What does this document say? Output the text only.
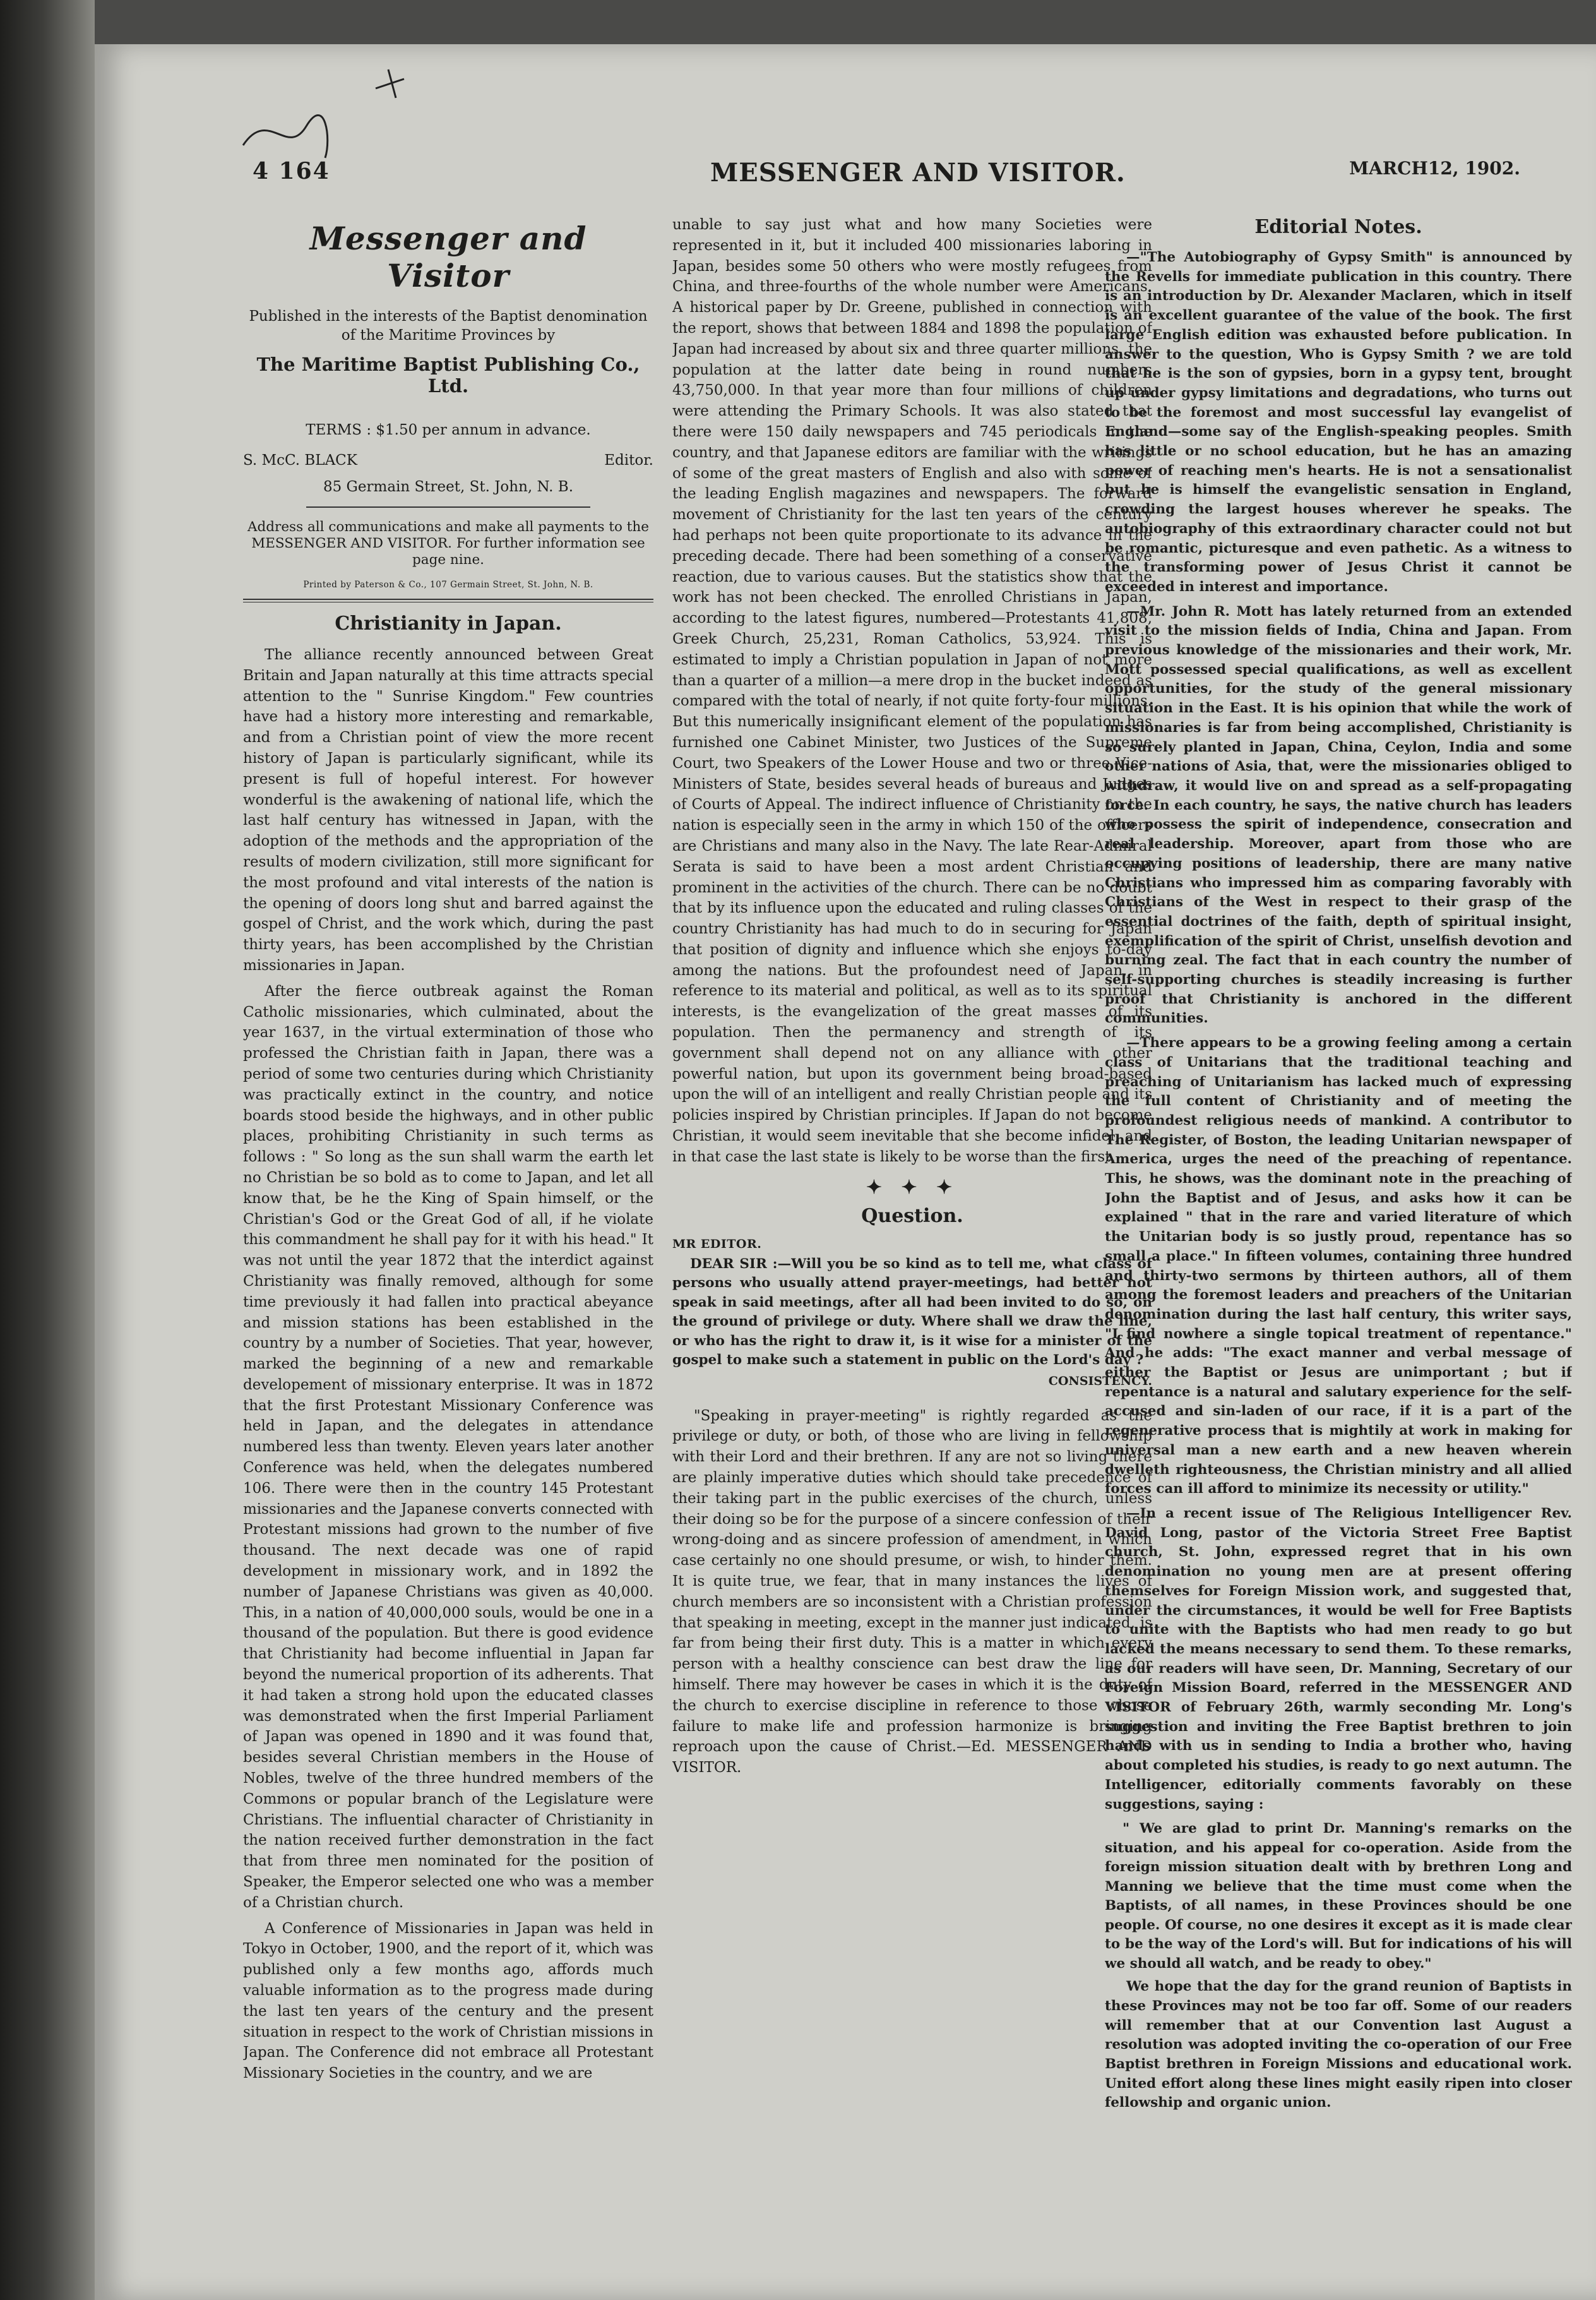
4 164	MESSENGER AND VISITOR.	MARCH12, 1902.
Messenger and Visitor
Published in the interests of the Baptist denomination of the Maritime Provinces by
The Maritime Baptist Publishing Co., Ltd.
TERMS : $1.50 per annum in advance.
S. McC. BLACK	Editor.
85 Germain Street, St. John, N. B.
Address all communications and make all payments to the MESSENGER AND VISITOR. For further information see page nine.
Printed by Paterson & Co., 107 Germain Street, St. John, N. B.
Christianity in Japan.

The alliance recently announced between Great Britain and Japan naturally at this time attracts special attention to the " Sunrise Kingdom." Few countries have had a history more interesting and remarkable, and from a Christian point of view the more recent history of Japan is particularly significant, while its present is full of hopeful interest. For however wonderful is the awakening of national life, which the last half century has witnessed in Japan, with the adoption of the methods and the appropriation of the results of modern civilization, still more significant for the most profound and vital interests of the nation is the opening of doors long shut and barred against the gospel of Christ, and the work which, during the past thirty years, has been accomplished by the Christian missionaries in Japan.

After the fierce outbreak against the Roman Catholic missionaries, which culminated, about the year 1637, in the virtual extermination of those who professed the Christian faith in Japan, there was a period of some two centuries during which Christianity was practically extinct in the country, and notice boards stood beside the highways, and in other public places, prohibiting Christianity in such terms as follows : " So long as the sun shall warm the earth let no Christian be so bold as to come to Japan, and let all know that, be he the King of Spain himself, or the Christian's God or the Great God of all, if he violate this commandment he shall pay for it with his head." It was not until the year 1872 that the interdict against Christianity was finally removed, although for some time previously it had fallen into practical abeyance and mission stations has been established in the country by a number of Societies. That year, however, marked the beginning of a new and remarkable developement of missionary enterprise. It was in 1872 that the first Protestant Missionary Conference was held in Japan, and the delegates in attendance numbered less than twenty. Eleven years later another Conference was held, when the delegates numbered 106. There were then in the country 145 Protestant missionaries and the Japanese converts connected with Protestant missions had grown to the number of five thousand. The next decade was one of rapid development in missionary work, and in 1892 the number of Japanese Christians was given as 40,000. This, in a nation of 40,000,000 souls, would be one in a thousand of the population. But there is good evidence that Christianity had become influential in Japan far beyond the numerical proportion of its adherents. That it had taken a strong hold upon the educated classes was demonstrated when the first Imperial Parliament of Japan was opened in 1890 and it was found that, besides several Christian members in the House of Nobles, twelve of the three hundred members of the Commons or popular branch of the Legislature were Christians. The influential character of Christianity in the nation received further demonstration in the fact that from three men nominated for the position of Speaker, the Emperor selected one who was a member of a Christian church.

A Conference of Missionaries in Japan was held in Tokyo in October, 1900, and the report of it, which was published only a few months ago, affords much valuable information as to the progress made during the last ten years of the century and the present situation in respect to the work of Christian missions in Japan. The Conference did not embrace all Protestant Missionary Societies in the country, and we are

unable to say just what and how many Societies were represented in it, but it included 400 missionaries laboring in Japan, besides some 50 others who were mostly refugees from China, and three-fourths of the whole number were Americans. A historical paper by Dr. Greene, published in connection with the report, shows that between 1884 and 1898 the population of Japan had increased by about six and three quarter millions, the population at the latter date being in round numbers 43,750,000. In that year more than four millions of children were attending the Primary Schools. It was also stated that there were 150 daily newspapers and 745 periodicals in the country, and that Japanese editors are familiar with the writings of some of the great masters of English and also with some of the leading English magazines and newspapers. The forward movement of Christianity for the last ten years of the century had perhaps not been quite proportionate to its advance in the preceding decade. There had been something of a conservative reaction, due to various causes. But the statistics show that the work has not been checked. The enrolled Christians in Japan, according to the latest figures, numbered—Protestants 41,808, Greek Church, 25,231, Roman Catholics, 53,924. This is estimated to imply a Christian population in Japan of not more than a quarter of a million—a mere drop in the bucket indeed as compared with the total of nearly, if not quite forty-four millions. But this numerically insignificant element of the population has furnished one Cabinet Minister, two Justices of the Supreme Court, two Speakers of the Lower House and two or three Vice-Ministers of State, besides several heads of bureaus and Judges of Courts of Appeal. The indirect influence of Christianity on the nation is especially seen in the army in which 150 of the officers are Christians and many also in the Navy. The late Rear-Admiral Serata is said to have been a most ardent Christian and prominent in the activities of the church. There can be no doubt that by its influence upon the educated and ruling classes of the country Christianity has had much to do in securing for Japan that position of dignity and influence which she enjoys to-day among the nations. But the profoundest need of Japan, in reference to its material and political, as well as to its spiritual interests, is the evangelization of the great masses of its population. Then the permanency and strength of its government shall depend not on any alliance with other powerful nation, but upon its government being broad-based upon the will of an intelligent and really Christian people and its policies inspired by Christian principles. If Japan do not become Christian, it would seem inevitable that she become infidel, and in that case the last state is likely to be worse than the first.

✦ ✦ ✦
Question.
MR EDITOR.

DEAR SIR :—Will you be so kind as to tell me, what class of persons who usually attend prayer-meetings, had better not speak in said meetings, after all had been invited to do so, on the ground of privilege or duty. Where shall we draw the line, or who has the right to draw it, is it wise for a minister of the gospel to make such a statement in public on the Lord's day ?

CONSISTENCY.

"Speaking in prayer-meeting" is rightly regarded as the privilege or duty, or both, of those who are living in fellowship with their Lord and their brethren. If any are not so living there are plainly imperative duties which should take precedence of their taking part in the public exercises of the church, unless their doing so be for the purpose of a sincere confession of their wrong-doing and as sincere profession of amendment, in which case certainly no one should presume, or wish, to hinder them. It is quite true, we fear, that in many instances the lives of church members are so inconsistent with a Christian profession that speaking in meeting, except in the manner just indicated, is far from being their first duty. This is a matter in which every person with a healthy conscience can best draw the line for himself. There may however be cases in which it is the duty of the church to exercise discipline in reference to those whose failure to make life and profession harmonize is bringing reproach upon the cause of Christ.—Ed. MESSENGER AND VISITOR.

Editorial Notes.

—"The Autobiography of Gypsy Smith" is announced by the Revells for immediate publication in this country. There is an introduction by Dr. Alexander Maclaren, which in itself is an excellent guarantee of the value of the book. The first large English edition was exhausted before publication. In answer to the question, Who is Gypsy Smith ? we are told that he is the son of gypsies, born in a gypsy tent, brought up under gypsy limitations and degradations, who turns out to be the foremost and most successful lay evangelist of England—some say of the English-speaking peoples. Smith has little or no school education, but he has an amazing power of reaching men's hearts. He is not a sensationalist but he is himself the evangelistic sensation in England, crowding the largest houses wherever he speaks. The autobiography of this extraordinary character could not but be romantic, picturesque and even pathetic. As a witness to the transforming power of Jesus Christ it cannot be exceeded in interest and importance.

—Mr. John R. Mott has lately returned from an extended visit to the mission fields of India, China and Japan. From previous knowledge of the missionaries and their work, Mr. Mott possessed special qualifications, as well as excellent opportunities, for the study of the general missionary situation in the East. It is his opinion that while the work of missionaries is far from being accomplished, Christianity is so surely planted in Japan, China, Ceylon, India and some other nations of Asia, that, were the missionaries obliged to withdraw, it would live on and spread as a self-propagating force. In each country, he says, the native church has leaders who possess the spirit of independence, consecration and real leadership. Moreover, apart from those who are occupying positions of leadership, there are many native Christians who impressed him as comparing favorably with Christians of the West in respect to their grasp of the essential doctrines of the faith, depth of spiritual insight, exemplification of the spirit of Christ, unselfish devotion and burning zeal. The fact that in each country the number of self-supporting churches is steadily increasing is further proof that Christianity is anchored in the different communities.

—There appears to be a growing feeling among a certain class of Unitarians that the traditional teaching and preaching of Unitarianism has lacked much of expressing the full content of Christianity and of meeting the profoundest religious needs of mankind. A contributor to The Register, of Boston, the leading Unitarian newspaper of America, urges the need of the preaching of repentance. This, he shows, was the dominant note in the preaching of John the Baptist and of Jesus, and asks how it can be explained " that in the rare and varied literature of which the Unitarian body is so justly proud, repentance has so small a place." In fifteen volumes, containing three hundred and thirty-two sermons by thirteen authors, all of them among the foremost leaders and preachers of the Unitarian denomination during the last half century, this writer says, "I find nowhere a single topical treatment of repentance." And he adds: "The exact manner and verbal message of either the Baptist or Jesus are unimportant ; but if repentance is a natural and salutary experience for the self-accused and sin-laden of our race, if it is a part of the regenerative process that is mightily at work in making for universal man a new earth and a new heaven wherein dwelleth righteousness, the Christian ministry and all allied forces can ill afford to minimize its necessity or utility."

—In a recent issue of The Religious Intelligencer Rev. David Long, pastor of the Victoria Street Free Baptist church, St. John, expressed regret that in his own denomination no young men are at present offering themselves for Foreign Mission work, and suggested that, under the circumstances, it would be well for Free Baptists to unite with the Baptists who had men ready to go but lacked the means necessary to send them. To these remarks, as our readers will have seen, Dr. Manning, Secretary of our Foreign Mission Board, referred in the MESSENGER AND VISITOR of February 26th, warmly seconding Mr. Long's suggestion and inviting the Free Baptist brethren to join hands with us in sending to India a brother who, having about completed his studies, is ready to go next autumn. The Intelligencer, editorially comments favorably on these suggestions, saying :

" We are glad to print Dr. Manning's remarks on the situation, and his appeal for co-operation. Aside from the foreign mission situation dealt with by brethren Long and Manning we believe that the time must come when the Baptists, of all names, in these Provinces should be one people. Of course, no one desires it except as it is made clear to be the way of the Lord's will. But for indications of his will we should all watch, and be ready to obey."

We hope that the day for the grand reunion of Baptists in these Provinces may not be too far off. Some of our readers will remember that at our Convention last August a resolution was adopted inviting the co-operation of our Free Baptist brethren in Foreign Missions and educational work. United effort along these lines might easily ripen into closer fellowship and organic union.
